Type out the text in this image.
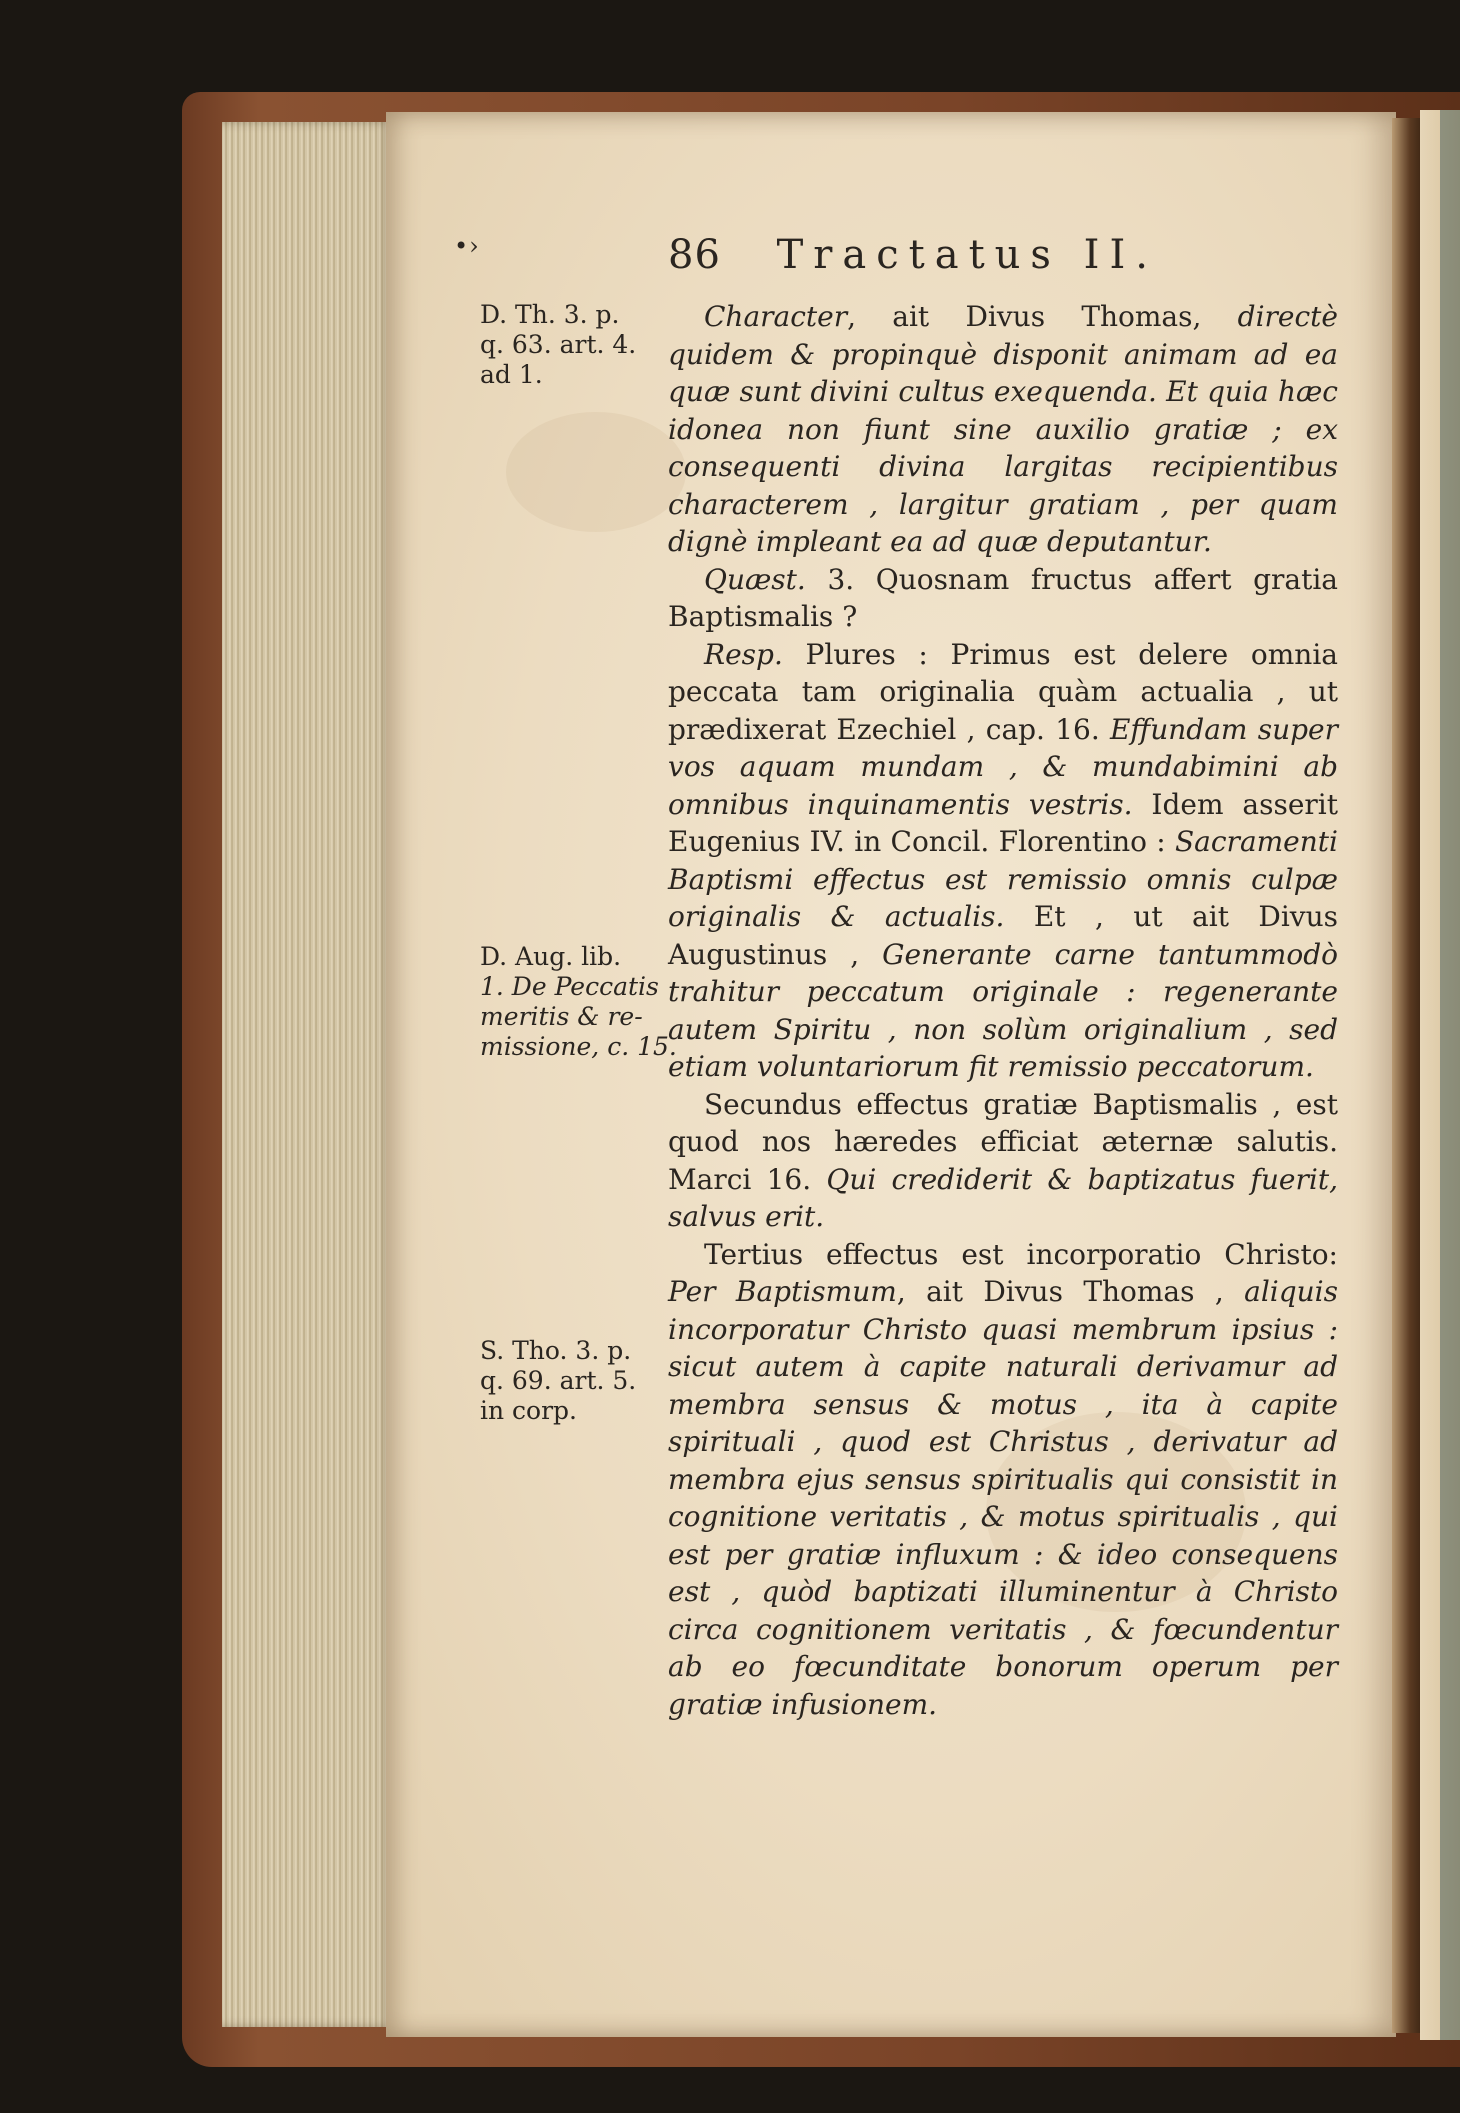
•›	86 Tractatus II.
D. Th. 3. p.
q. 63. art. 4.
ad 1.
D. Aug. lib.
1. De Peccatis
meritis & re-
missione, c. 15.
S. Tho. 3. p.
q. 69. art. 5.
in corp.

Character, ait Divus Thomas, directè quidem & propinquè disponit animam ad ea quæ sunt divini cultus exequenda. Et quia hæc idonea non fiunt sine auxilio gratiæ ; ex consequenti divina largitas recipientibus characterem , largitur gratiam , per quam dignè impleant ea ad quæ deputantur.

Quæst. 3. Quosnam fructus affert gratia Baptismalis ?

Resp. Plures : Primus est delere omnia peccata tam originalia quàm actualia , ut prædixerat Ezechiel , cap. 16. Effundam super vos aquam mundam , & mundabimini ab omnibus inquinamentis vestris. Idem asserit Eugenius IV. in Concil. Florentino : Sacramenti Baptismi effectus est remissio omnis culpæ originalis & actualis. Et , ut ait Divus Augustinus , Generante carne tantummodò trahitur peccatum originale : regenerante autem Spiritu , non solùm originalium , sed etiam voluntariorum fit remissio peccatorum.

Secundus effectus gratiæ Baptismalis , est quod nos hæredes efficiat æternæ salutis. Marci 16. Qui crediderit & baptizatus fuerit, salvus erit.

Tertius effectus est incorporatio Christo: Per Baptismum, ait Divus Thomas , aliquis incorporatur Christo quasi membrum ipsius : sicut autem à capite naturali derivamur ad membra sensus & motus , ita à capite spirituali , quod est Christus , derivatur ad membra ejus sensus spiritualis qui consistit in cognitione veritatis , & motus spiritualis , qui est per gratiæ influxum : & ideo consequens est , quòd baptizati illuminentur à Christo circa cognitionem veritatis , & fœcundentur ab eo fœcunditate bonorum operum per gratiæ infusionem.
